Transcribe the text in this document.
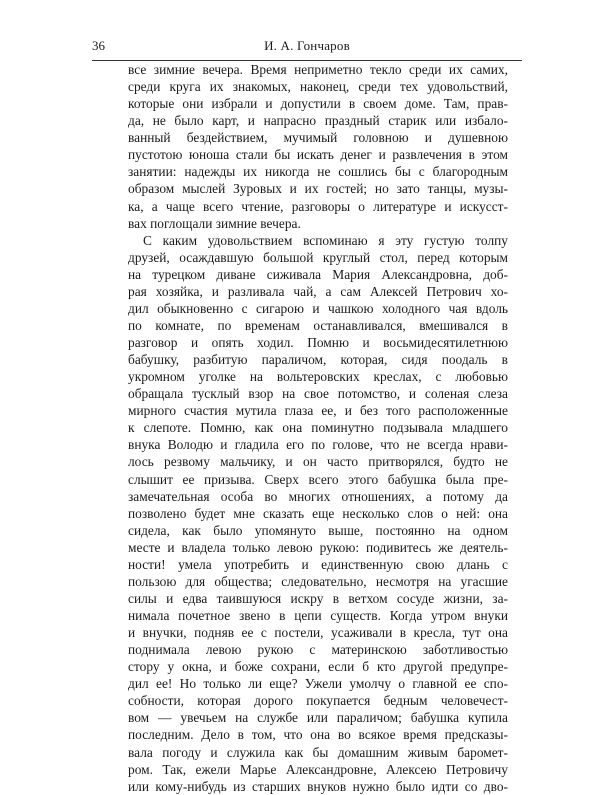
36	И. А. Гончаров
все зимние вечера. Время неприметно текло среди их самих,
среди круга их знакомых, наконец, среди тех удовольствий,
которые они избрали и допустили в своем доме. Там, прав-
да, не было карт, и напрасно праздный старик или избало-
ванный бездействием, мучимый головною и душевною
пустотою юноша стали бы искать денег и развлечения в этом
занятии: надежды их никогда не сошлись бы с благородным
образом мыслей Зуровых и их гостей; но зато танцы, музы-
ка, а чаще всего чтение, разговоры о литературе и искусст-
вах поглощали зимние вечера.
С каким удовольствием вспоминаю я эту густую толпу
друзей, осаждавшую большой круглый стол, перед которым
на турецком диване сиживала Мария Александровна, доб-
рая хозяйка, и разливала чай, а сам Алексей Петрович хо-
дил обыкновенно с сигарою и чашкою холодного чая вдоль
по комнате, по временам останавливался, вмешивался в
разговор и опять ходил. Помню и восьмидесятилетнюю
бабушку, разбитую параличом, которая, сидя поодаль в
укромном уголке на вольтеровских креслах, с любовью
обращала тусклый взор на свое потомство, и соленая слеза
мирного счастия мутила глаза ее, и без того расположенные
к слепоте. Помню, как она поминутно подзывала младшего
внука Володю и гладила его по голове, что не всегда нрави-
лось резвому мальчику, и он часто притворялся, будто не
слышит ее призыва. Сверх всего этого бабушка была пре-
замечательная особа во многих отношениях, а потому да
позволено будет мне сказать еще несколько слов о ней: она
сидела, как было упомянуто выше, постоянно на одном
месте и владела только левою рукою: подивитесь же деятель-
ности! умела употребить и единственную свою длань с
пользою для общества; следовательно, несмотря на угасшие
силы и едва таившуюся искру в ветхом сосуде жизни, за-
нимала почетное звено в цепи существ. Когда утром внуки
и внучки, подняв ее с постели, усаживали в кресла, тут она
поднимала левою рукою с материнскою заботливостью
стору у окна, и боже сохрани, если б кто другой предупре-
дил ее! Но только ли еще? Ужели умолчу о главной ее спо-
собности, которая дорого покупается бедным человечест-
вом — увечьем на службе или параличом; бабушка купила
последним. Дело в том, что она во всякое время предсказы-
вала погоду и служила как бы домашним живым баромет-
ром. Так, ежели Марье Александровне, Алексею Петровичу
или кому-нибудь из старших внуков нужно было идти со дво-
